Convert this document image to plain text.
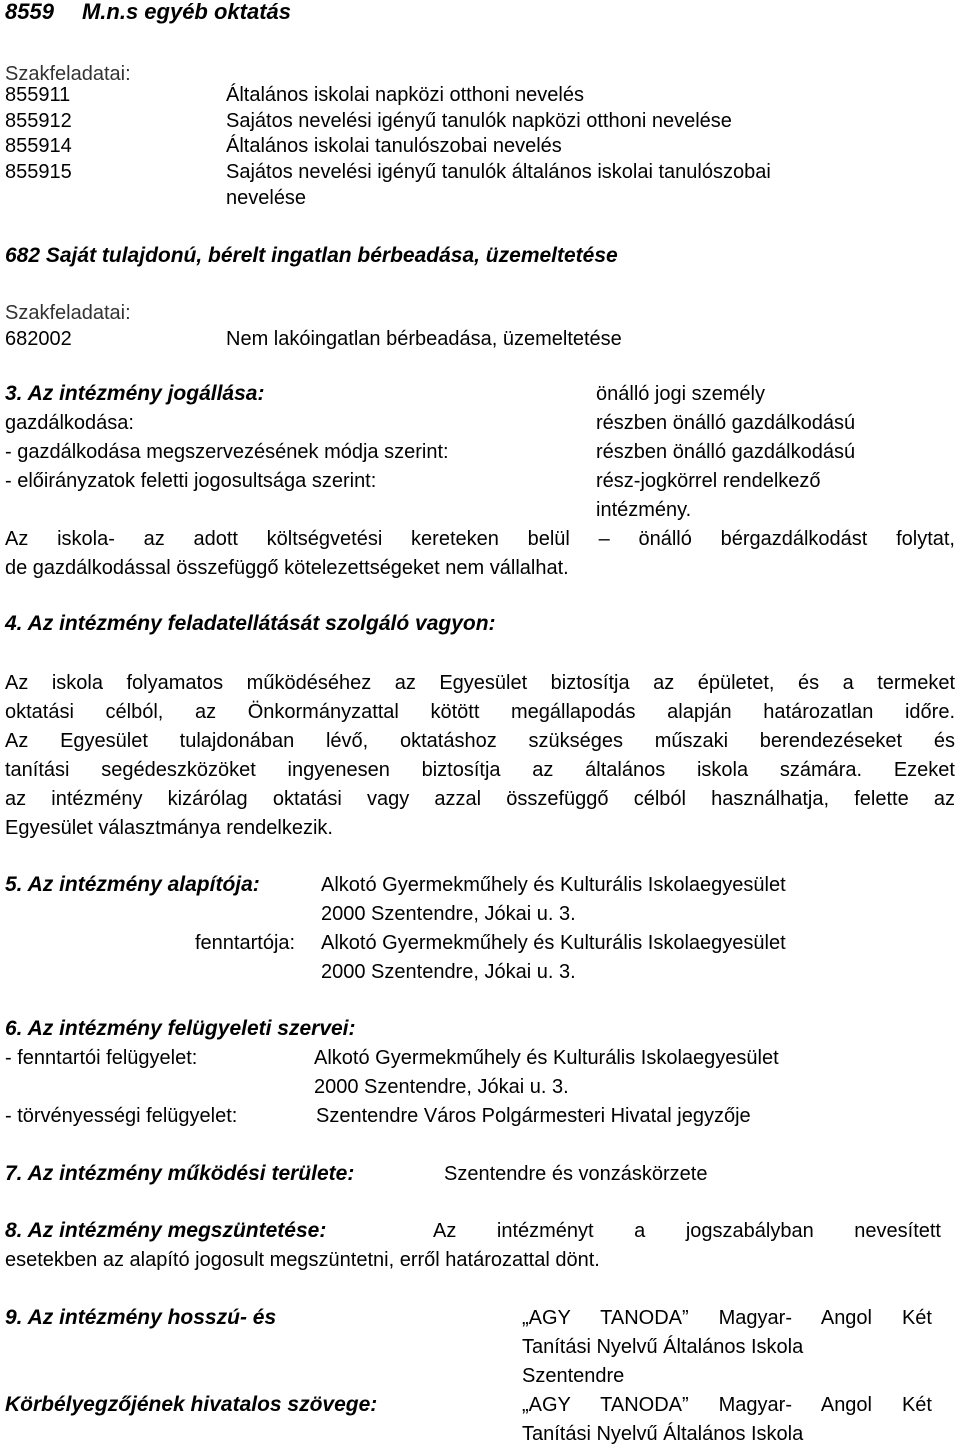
8559 M.n.s egyéb oktatás
Szakfeladatai:
855911	Általános iskolai napközi otthoni nevelés
855912	Sajátos nevelési igényű tanulók napközi otthoni nevelése
855914	Általános iskolai tanulószobai nevelés
855915	Sajátos nevelési igényű tanulók általános iskolai tanulószobai
nevelése
682 Saját tulajdonú, bérelt ingatlan bérbeadása, üzemeltetése
Szakfeladatai:
682002	Nem lakóingatlan bérbeadása, üzemeltetése
3. Az intézmény jogállása:	önálló jogi személy
gazdálkodása:	részben önálló gazdálkodású
- gazdálkodása megszervezésének módja szerint:	részben önálló gazdálkodású
- előirányzatok feletti jogosultsága szerint:	rész-jogkörrel rendelkező
intézmény.
Az iskola- az adott költségvetési kereteken belül – önálló bérgazdálkodást folytat,
de gazdálkodással összefüggő kötelezettségeket nem vállalhat.
4. Az intézmény feladatellátását szolgáló vagyon:
Az iskola folyamatos működéséhez az Egyesület biztosítja az épületet, és a termeket
oktatási célból, az Önkormányzattal kötött megállapodás alapján határozatlan időre.
Az Egyesület tulajdonában lévő, oktatáshoz szükséges műszaki berendezéseket és
tanítási segédeszközöket ingyenesen biztosítja az általános iskola számára. Ezeket
az intézmény kizárólag oktatási vagy azzal összefüggő célból használhatja, felette az
Egyesület választmánya rendelkezik.
5. Az intézmény alapítója:	Alkotó Gyermekműhely és Kulturális Iskolaegyesület
2000 Szentendre, Jókai u. 3.
fenntartója: Alkotó Gyermekműhely és Kulturális Iskolaegyesület
2000 Szentendre, Jókai u. 3.
6. Az intézmény felügyeleti szervei:
- fenntartói felügyelet:	Alkotó Gyermekműhely és Kulturális Iskolaegyesület
2000 Szentendre, Jókai u. 3.
- törvényességi felügyelet:	Szentendre Város Polgármesteri Hivatal jegyzője
7. Az intézmény működési területe:	Szentendre és vonzáskörzete
8. Az intézmény megszüntetése:	Az intézményt a jogszabályban nevesített
esetekben az alapító jogosult megszüntetni, erről határozattal dönt.
9. Az intézmény hosszú- és	„AGY TANODA” Magyar- Angol Két
Tanítási Nyelvű Általános Iskola
Szentendre
Körbélyegzőjének hivatalos szövege:	„AGY TANODA” Magyar- Angol Két
Tanítási Nyelvű Általános Iskola
